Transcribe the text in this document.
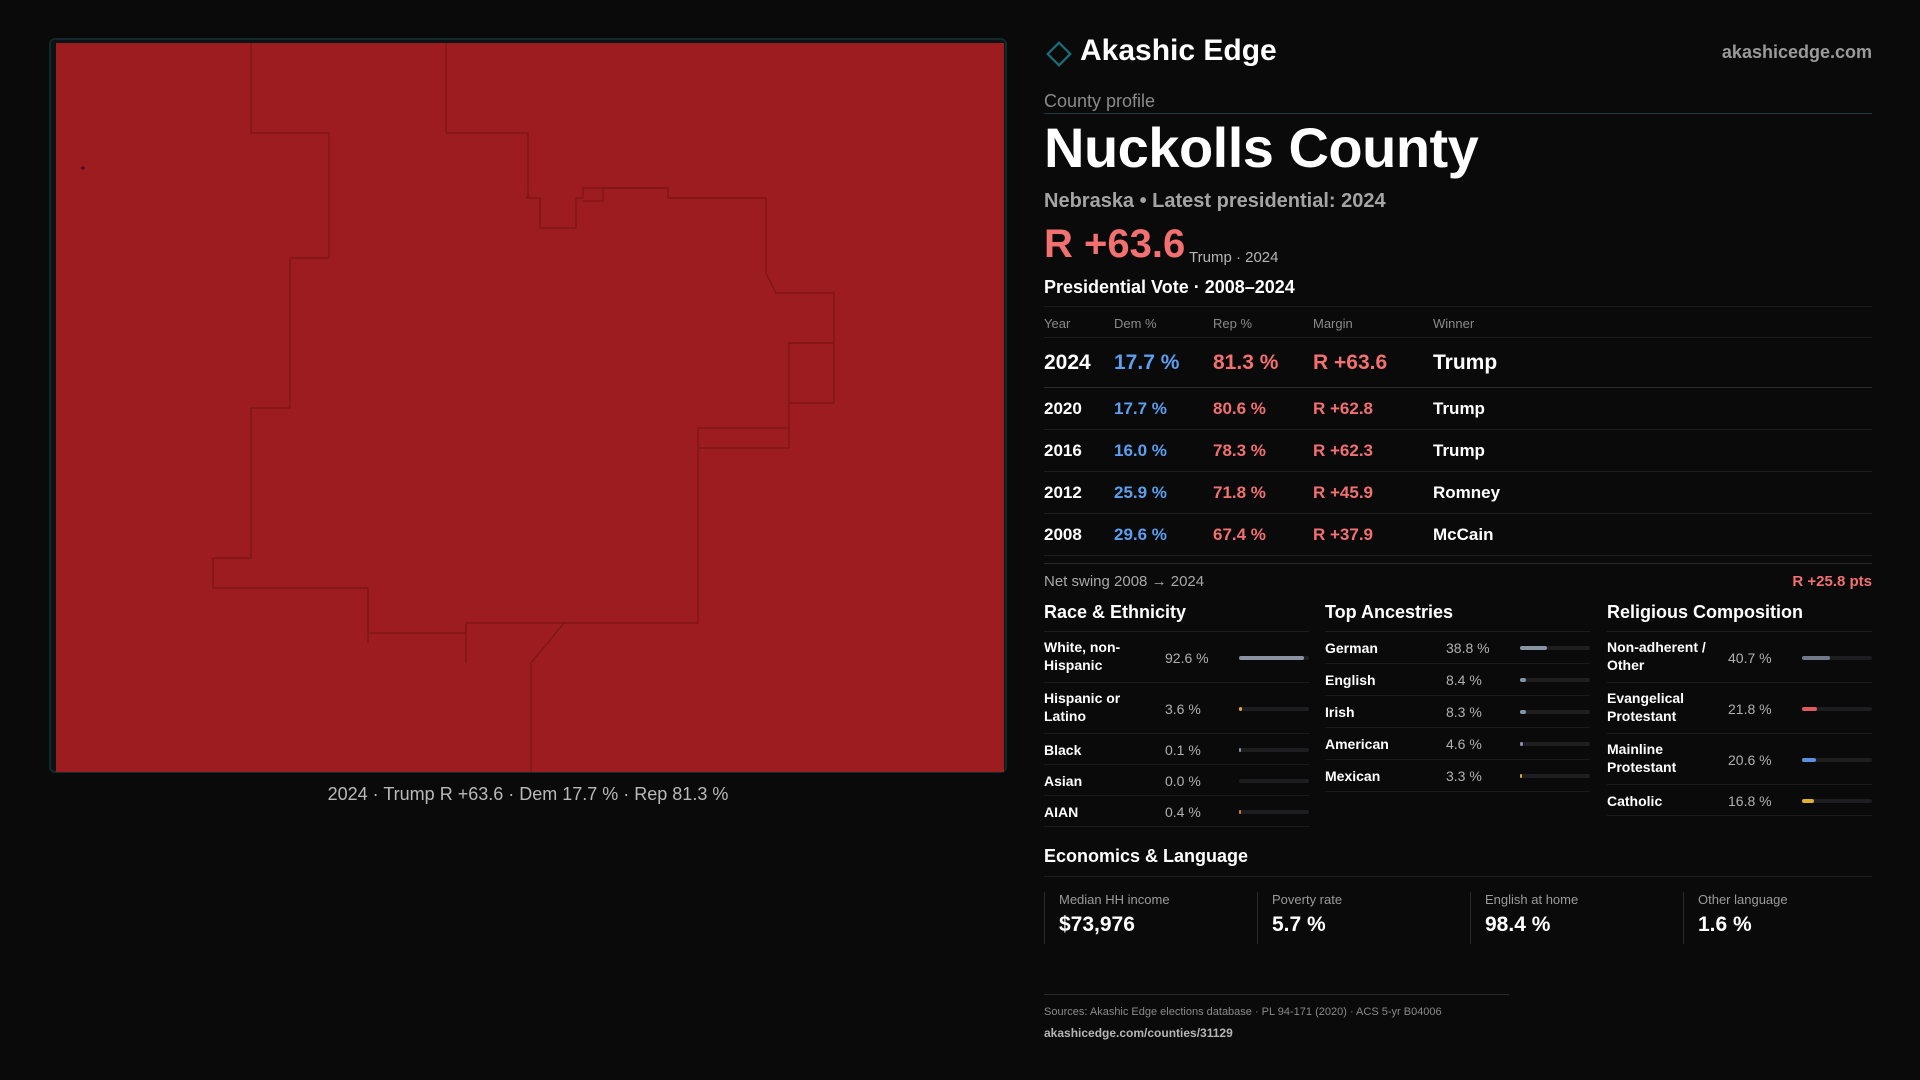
2024 · Trump R +63.6 · Dem 17.7 % · Rep 81.3 %
Akashic Edge	akashicedge.com
County profile
Nuckolls County
Nebraska • Latest presidential: 2024
R +63.6 Trump · 2024
Presidential Vote · 2008–2024
Year	Dem %	Rep %	Margin	Winner
2024 17.7 % 81.3 % R +63.6 Trump
2020 17.7 %	80.6 %	R +62.8	Trump
2016 16.0 %	78.3 %	R +62.3	Trump
2012 25.9 %	71.8 %	R +45.9	Romney
2008 29.6 %	67.4 %	R +37.9	McCain
Net swing 2008 → 2024	R +25.8 pts
Race & Ethnicity
White, non-Hispanic	92.6 %
Hispanic or Latino	3.6 %
Black	0.1 %
Asian	0.0 %
AIAN	0.4 %
Top Ancestries
German	38.8 %
English	8.4 %
Irish	8.3 %
American	4.6 %
Mexican	3.3 %
Religious Composition
Non-adherent / Other	40.7 %
Evangelical Protestant	21.8 %
Mainline Protestant	20.6 %
Catholic	16.8 %
Economics & Language
Median HH income
$73,976
Poverty rate
5.7 %
English at home
98.4 %
Other language
1.6 %
Sources: Akashic Edge elections database · PL 94-171 (2020) · ACS 5-yr B04006
akashicedge.com/counties/31129
